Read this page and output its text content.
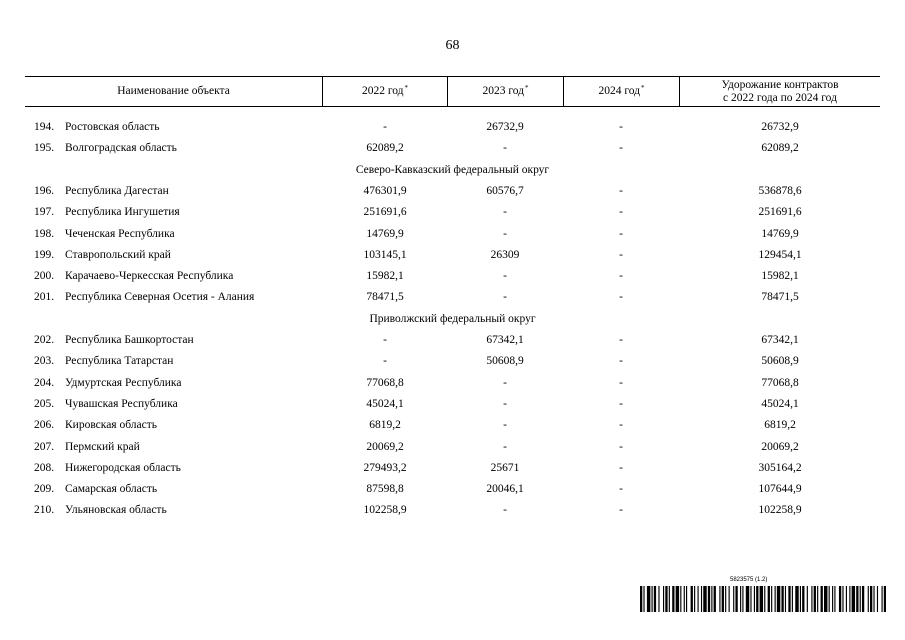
68
Наименование объекта	2022 год*	2023 год*	2024 год*	Удорожание контрактов
с 2022 года по 2024 год
194. Ростовская область	-	26732,9	-	26732,9
195. Волгоградская область	62089,2	-	-	62089,2
Северо-Кавказский федеральный округ
196. Республика Дагестан	476301,9	60576,7	-	536878,6
197. Республика Ингушетия	251691,6	-	-	251691,6
198. Чеченская Республика	14769,9	-	-	14769,9
199. Ставропольский край	103145,1	26309	-	129454,1
200. Карачаево-Черкесская Республика	15982,1	-	-	15982,1
201. Республика Северная Осетия - Алания	78471,5	-	-	78471,5
Приволжский федеральный округ
202. Республика Башкортостан	-	67342,1	-	67342,1
203. Республика Татарстан	-	50608,9	-	50608,9
204. Удмуртская Республика	77068,8	-	-	77068,8
205. Чувашская Республика	45024,1	-	-	45024,1
206. Кировская область	6819,2	-	-	6819,2
207. Пермский край	20069,2	-	-	20069,2
208. Нижегородская область	279493,2	25671	-	305164,2
209. Самарская область	87598,8	20046,1	-	107644,9
210. Ульяновская область	102258,9	-	-	102258,9
5823575 (1.2)
